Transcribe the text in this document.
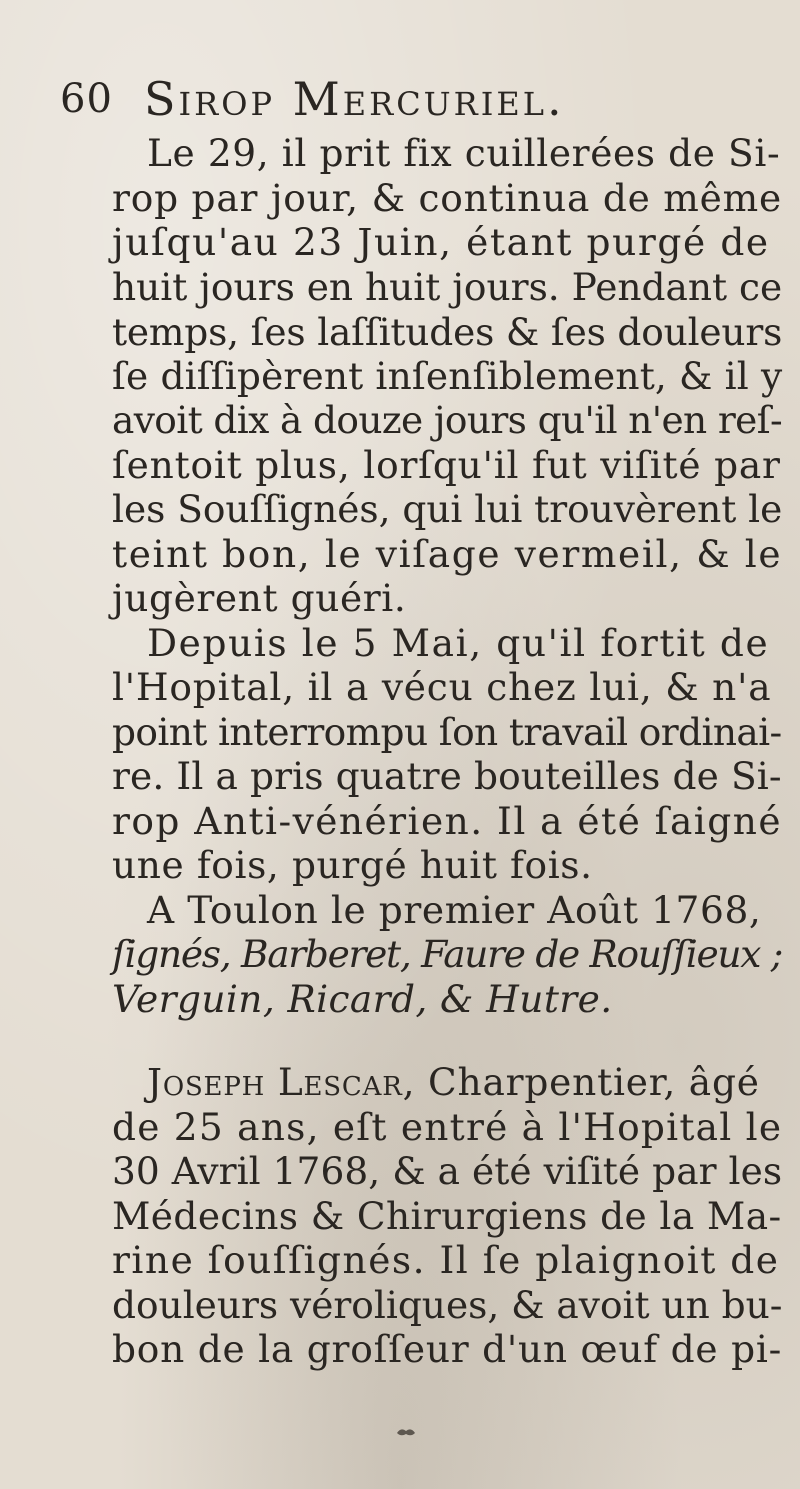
60 Sirop Mercuriel.
Le 29, il prit fix cuillerées de Si-
rop par jour, & continua de même
juſqu'au 23 Juin, étant purgé de
huit jours en huit jours. Pendant ce
temps, ſes laſſitudes & ſes douleurs
ſe diſſipèrent inſenſiblement, & il y
avoit dix à douze jours qu'il n'en reſ-
ſentoit plus, lorſqu'il fut viſité par
les Souſſignés, qui lui trouvèrent le
teint bon, le viſage vermeil, & le
jugèrent guéri.
Depuis le 5 Mai, qu'il fortit de
l'Hopital, il a vécu chez lui, & n'a
point interrompu ſon travail ordinai-
re. Il a pris quatre bouteilles de Si-
rop Anti-vénérien. Il a été ſaigné
une fois, purgé huit fois.
A Toulon le premier Août 1768,
ſignés, Barberet, Faure de Rouſſieux ;
Verguin, Ricard, & Hutre.
Joseph Lescar, Charpentier, âgé
de 25 ans, eſt entré à l'Hopital le
30 Avril 1768, & a été viſité par les
Médecins & Chirurgiens de la Ma-
rine ſouſſignés. Il ſe plaignoit de
douleurs véroliques, & avoit un bu-
bon de la groſſeur d'un œuf de pi-
